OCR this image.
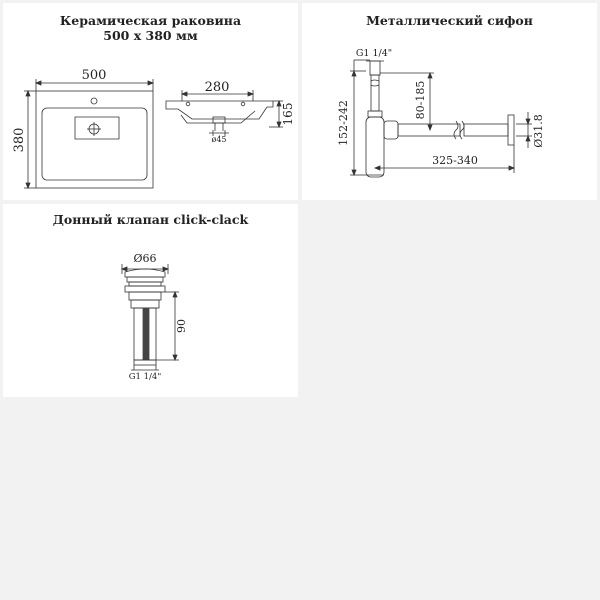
Керамическая раковина
500 х 380 мм
500
380
280
165
ø45
Металлический сифон
G1 1/4"
152-242
80-185
325-340
Ø31.8
Донный клапан click-clack
Ø66
90
G1 1/4"
